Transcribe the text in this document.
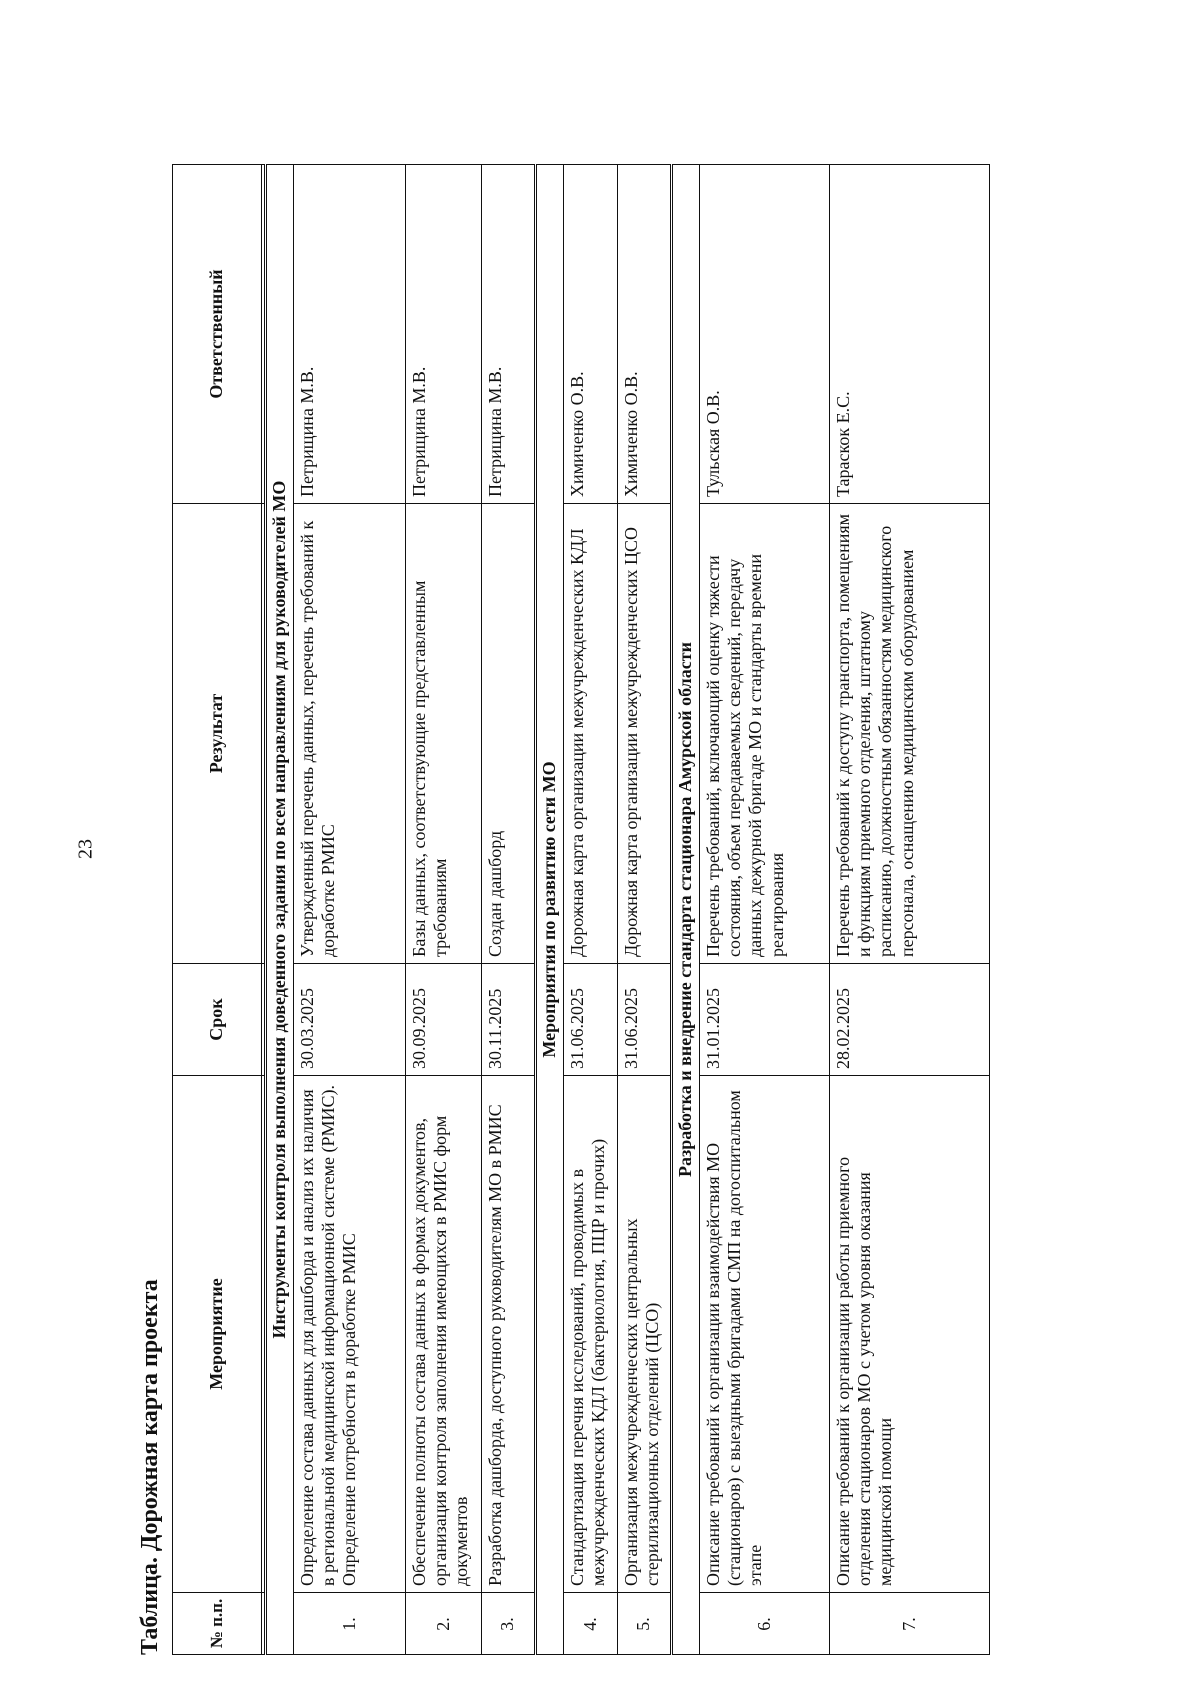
23
Таблица. Дорожная карта проекта	№ п.п.	Мероприятие	Срок	Результат	Ответственный

Инструменты контроля выполнения доведенного задания по всем направлениям для руководителей МО				
1.	Определение состава данных для дашборда и анализ их наличия в региональной медицинской информационной системе (РМИС). Определение потребности в доработке РМИС	30.03.2025	Утвержденный перечень данных, перечень требований к доработке РМИС	Петрищина М.В.
2.	Обеспечение полноты состава данных в формах документов, организация контроля заполнения имеющихся в РМИС форм документов	30.09.2025	Базы данных, соответствующие представленным требованиям	Петрищина М.В.
3.	Разработка дашборда, доступного руководителям МО в РМИС	30.11.2025	Создан дашборд	Петрищина М.В.
Мероприятия по развитию сети МО				
4.	Стандартизация перечня исследований, проводимых в межучрежденческих КДЛ (бактериология, ПЦР и прочих)	31.06.2025	Дорожная карта организации межучрежденческих КДЛ	Химиченко О.В.
5.	Организация межучрежденческих центральных стерилизационных отделений (ЦСО)	31.06.2025	Дорожная карта организации межучрежденческих ЦСО	Химиченко О.В.
Разработка и внедрение стандарта стационара Амурской области				
6.	Описание требований к организации взаимодействия МО (стационаров) с выездными бригадами СМП на догоспитальном этапе	31.01.2025	Перечень требований, включающий оценку тяжести состояния, объем передаваемых сведений, передачу данных дежурной бригаде МО и стандарты времени реагирования	Тульская О.В.
7.	Описание требований к организации работы приемного отделения стационаров МО с учетом уровня оказания медицинской помощи	28.02.2025	Перечень требований к доступу транспорта, помещениям и функциям приемного отделения, штатному расписанию, должностным обязанностям медицинского персонала, оснащению медицинским оборудованием	Тараскок Е.С.
